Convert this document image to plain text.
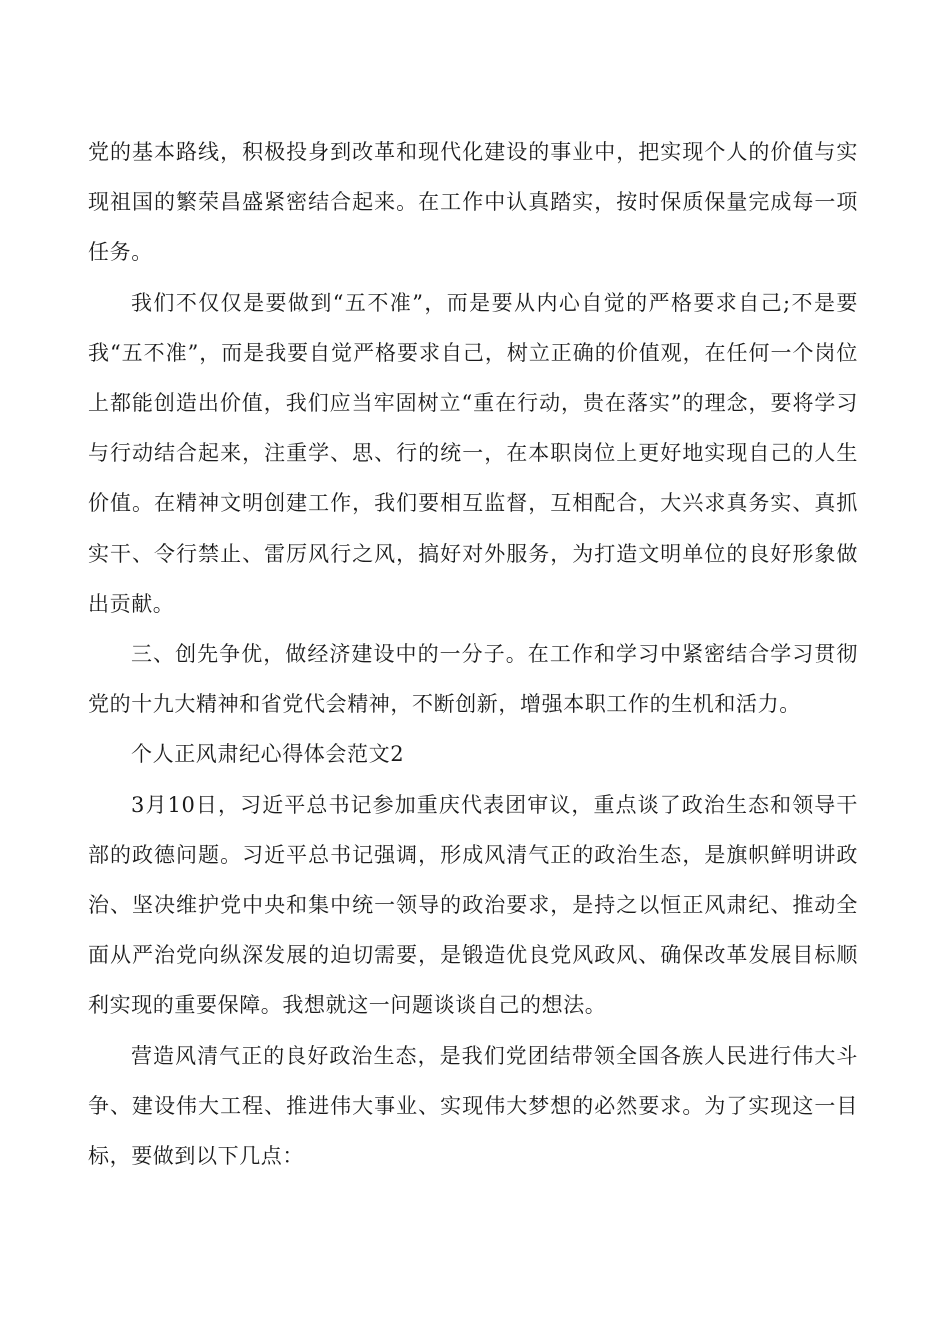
党的基本路线，积极投身到改革和现代化建设的事业中，把实现个人的价值与实现祖国的繁荣昌盛紧密结合起来。在工作中认真踏实，按时保质保量完成每一项任务。

我们不仅仅是要做到“五不准”，而是要从内心自觉的严格要求自己;不是要我“五不准”，而是我要自觉严格要求自己，树立正确的价值观，在任何一个岗位上都能创造出价值，我们应当牢固树立“重在行动，贵在落实”的理念，要将学习与行动结合起来，注重学、思、行的统一，在本职岗位上更好地实现自己的人生价值。在精神文明创建工作，我们要相互监督，互相配合，大兴求真务实、真抓实干、令行禁止、雷厉风行之风，搞好对外服务，为打造文明单位的良好形象做出贡献。

三、创先争优，做经济建设中的一分子。在工作和学习中紧密结合学习贯彻党的十九大精神和省党代会精神，不断创新，增强本职工作的生机和活力。

个人正风肃纪心得体会范文2

3月10日，习近平总书记参加重庆代表团审议，重点谈了政治生态和领导干部的政德问题。习近平总书记强调，形成风清气正的政治生态，是旗帜鲜明讲政治、坚决维护党中央和集中统一领导的政治要求，是持之以恒正风肃纪、推动全面从严治党向纵深发展的迫切需要，是锻造优良党风政风、确保改革发展目标顺利实现的重要保障。我想就这一问题谈谈自己的想法。

营造风清气正的良好政治生态，是我们党团结带领全国各族人民进行伟大斗争、建设伟大工程、推进伟大事业、实现伟大梦想的必然要求。为了实现这一目标，要做到以下几点：
